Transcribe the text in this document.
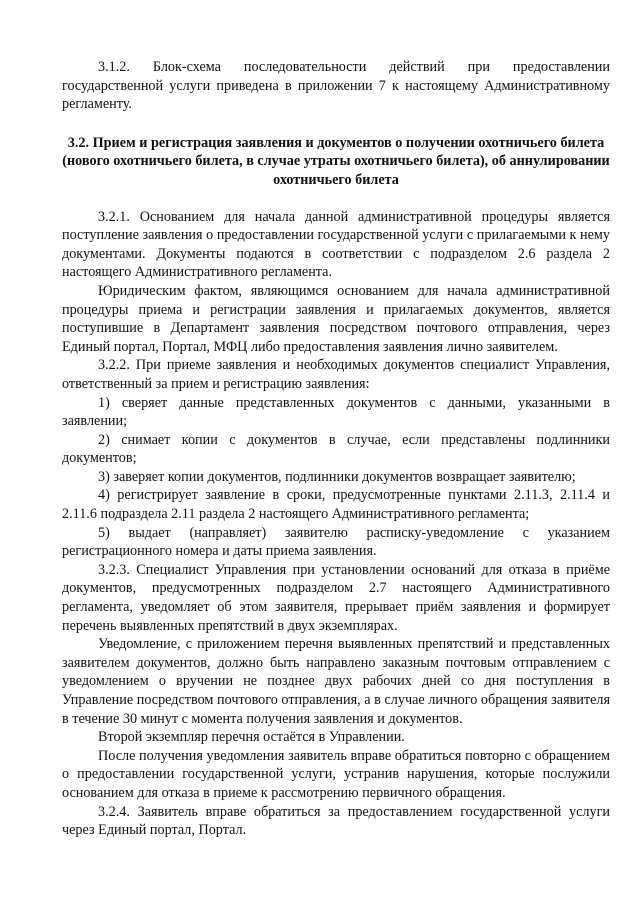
3.1.2. Блок-схема последовательности действий при предоставлении государственной услуги приведена в приложении 7 к настоящему Административному регламенту.

3.2. Прием и регистрация заявления и документов о получении охотничьего билета (нового охотничьего билета, в случае утраты охотничьего билета), об аннулировании охотничьего билета

3.2.1. Основанием для начала данной административной процедуры является поступление заявления о предоставлении государственной услуги с прилагаемыми к нему документами. Документы подаются в соответствии с подразделом 2.6 раздела 2 настоящего Административного регламента.

Юридическим фактом, являющимся основанием для начала административной процедуры приема и регистрации заявления и прилагаемых документов, является поступившие в Департамент заявления посредством почтового отправления, через Единый портал, Портал, МФЦ либо предоставления заявления лично заявителем.

3.2.2. При приеме заявления и необходимых документов специалист Управления, ответственный за прием и регистрацию заявления:

1) сверяет данные представленных документов с данными, указанными в заявлении;

2) снимает копии с документов в случае, если представлены подлинники документов;

3) заверяет копии документов, подлинники документов возвращает заявителю;

4) регистрирует заявление в сроки, предусмотренные пунктами 2.11.3, 2.11.4 и 2.11.6 подраздела 2.11 раздела 2 настоящего Административного регламента;

5) выдает (направляет) заявителю расписку-уведомление с указанием регистрационного номера и даты приема заявления.

3.2.3. Специалист Управления при установлении оснований для отказа в приёме документов, предусмотренных подразделом 2.7 настоящего Административного регламента, уведомляет об этом заявителя, прерывает приём заявления и формирует перечень выявленных препятствий в двух экземплярах.

Уведомление, с приложением перечня выявленных препятствий и представленных заявителем документов, должно быть направлено заказным почтовым отправлением с уведомлением о вручении не позднее двух рабочих дней со дня поступления в Управление посредством почтового отправления, а в случае личного обращения заявителя в течение 30 минут с момента получения заявления и документов.

Второй экземпляр перечня остаётся в Управлении.

После получения уведомления заявитель вправе обратиться повторно с обращением о предоставлении государственной услуги, устранив нарушения, которые послужили основанием для отказа в приеме к рассмотрению первичного обращения.

3.2.4. Заявитель вправе обратиться за предоставлением государственной услуги через Единый портал, Портал.
